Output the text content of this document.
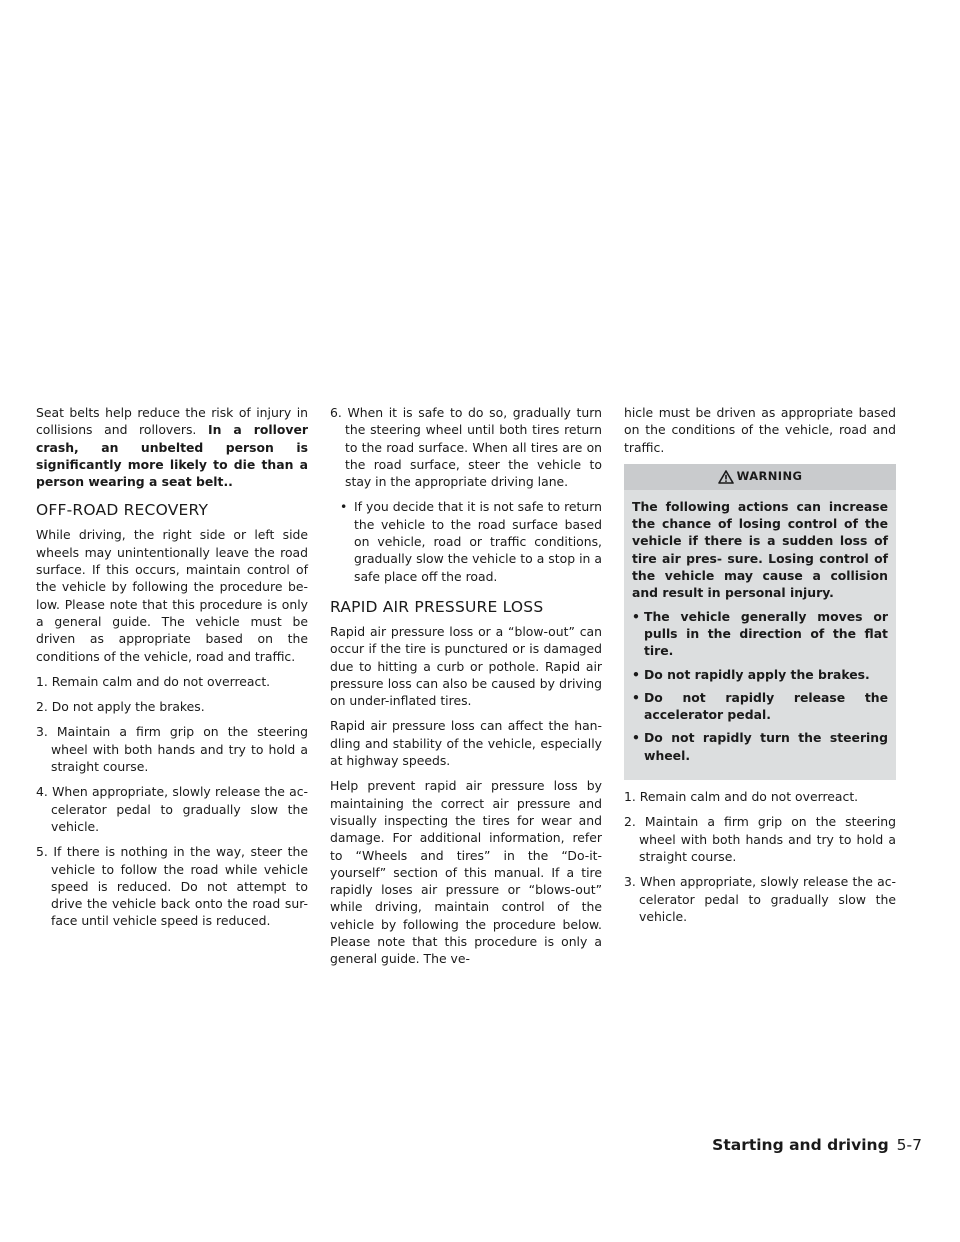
Seat belts help reduce the risk of injury in collisions and rollovers. In a rollover crash, an unbelted person is significantly more likely to die than a person wearing a seat belt..

OFF-ROAD RECOVERY

While driving, the right side or left side wheels may unintentionally leave the road surface. If this occurs, maintain control of the vehicle by following the procedure be- low. Please note that this procedure is only a general guide. The vehicle must be driven as appropriate based on the conditions of the vehicle, road and traffic.

1. Remain calm and do not overreact.
2. Do not apply the brakes.
3. Maintain a firm grip on the steering wheel with both hands and try to hold a straight course.
4. When appropriate, slowly release the ac- celerator pedal to gradually slow the vehicle.
5. If there is nothing in the way, steer the vehicle to follow the road while vehicle speed is reduced. Do not attempt to drive the vehicle back onto the road sur- face until vehicle speed is reduced.
6. When it is safe to do so, gradually turn the steering wheel until both tires return to the road surface. When all tires are on the road surface, steer the vehicle to stay in the appropriate driving lane.
• If you decide that it is not safe to return the vehicle to the road surface based on vehicle, road or traffic conditions, gradually slow the vehicle to a stop in a safe place off the road.
RAPID AIR PRESSURE LOSS

Rapid air pressure loss or a “blow-out” can occur if the tire is punctured or is damaged due to hitting a curb or pothole. Rapid air pressure loss can also be caused by driving on under-inflated tires.

Rapid air pressure loss can affect the han- dling and stability of the vehicle, especially at highway speeds.

Help prevent rapid air pressure loss by maintaining the correct air pressure and visually inspecting the tires for wear and damage. For additional information, refer to “Wheels and tires” in the “Do-it-yourself” section of this manual. If a tire rapidly loses air pressure or “blows-out” while driving, maintain control of the vehicle by following the procedure below. Please note that this procedure is only a general guide. The ve-

hicle must be driven as appropriate based on the conditions of the vehicle, road and traffic.

WARNING

The following actions can increase the chance of losing control of the vehicle if there is a sudden loss of tire air pres- sure. Losing control of the vehicle may cause a collision and result in personal injury.

• The vehicle generally moves or pulls in the direction of the flat tire.
• Do not rapidly apply the brakes.
• Do not rapidly release the accelerator pedal.
• Do not rapidly turn the steering wheel.
1. Remain calm and do not overreact.
2. Maintain a firm grip on the steering wheel with both hands and try to hold a straight course.
3. When appropriate, slowly release the ac- celerator pedal to gradually slow the vehicle.
Starting and driving 5-7
